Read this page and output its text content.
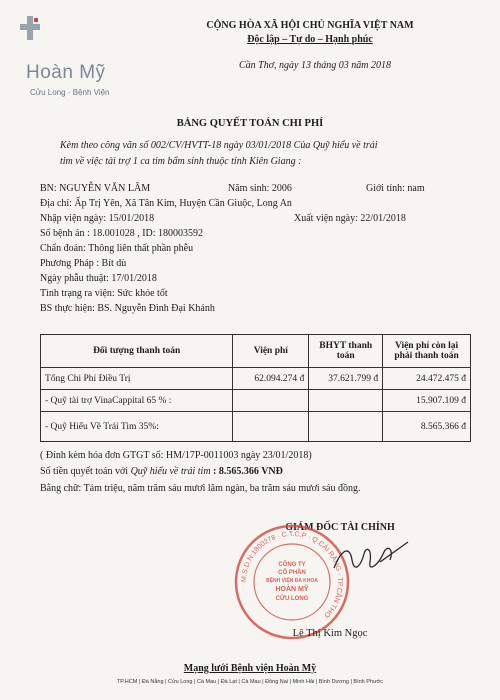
Hoàn Mỹ
Cửu Long · Bệnh Viện
CỘNG HÒA XÃ HỘI CHỦ NGHĨA VIỆT NAM
Độc lập – Tự do – Hạnh phúc
Cần Thơ, ngày 13 tháng 03 năm 2018
BẢNG QUYẾT TOÁN CHI PHÍ
Kèm theo công văn số 002/CV/HVTT-18 ngày 03/01/2018 Của Quỹ hiểu về trái
tim về việc tài trợ 1 ca tim bẩm sinh thuộc tỉnh Kiên Giang :
BN: NGUYỄN VĂN LÂM	Năm sinh: 2006	Giới tính: nam
Địa chỉ: Ấp Trị Yên, Xã Tân Kim, Huyện Cần Giuộc, Long An
Nhập viện ngày: 15/01/2018	Xuất viện ngày: 22/01/2018
Số bệnh án : 18.001028 , ID: 180003592
Chẩn đoán: Thông liên thất phần phễu
Phương Pháp : Bít dù
Ngày phẫu thuật: 17/01/2018
Tình trạng ra viện: Sức khỏe tốt
BS thực hiện: BS. Nguyễn Đình Đại Khánh
Đối tượng thanh toán	Viện phí	BHYT thanh toán	Viện phí còn lại phải thanh toán
Tổng Chi Phí Điều Trị	62.094.274 đ	37.621.799 đ	24.472.475 đ
- Quỹ tài trợ VinaCappital 65 % :			15.907.109 đ
- Quỹ Hiểu Về Trái Tim 35%:			8.565.366 đ
( Đính kèm hóa đơn GTGT số: HM/17P-0011003 ngày 23/01/2018)
Số tiền quyết toán với Quỹ hiểu về trái tim : 8.565.366 VNĐ
Bằng chữ: Tám triệu, năm trăm sáu mươi lăm ngàn, ba trăm sáu mươi sáu đồng.
GIÁM ĐỐC TÀI CHÍNH
M.S.D.N:1800278 · C.T.C.P · Q.CÁI RĂNG · TP.CẦN THƠ
CÔNG TY
CỔ PHẦN
BỆNH VIỆN ĐA KHOA
HOÀN MỸ
CỬU LONG
Lê Thị Kim Ngọc
Mạng lưới Bệnh viện Hoàn Mỹ
TP.HCM | Đà Nẵng | Cửu Long | Cà Mau | Đà Lạt | Cà Mau | Đồng Nai | Minh Hải | Bình Dương | Bình Phước
